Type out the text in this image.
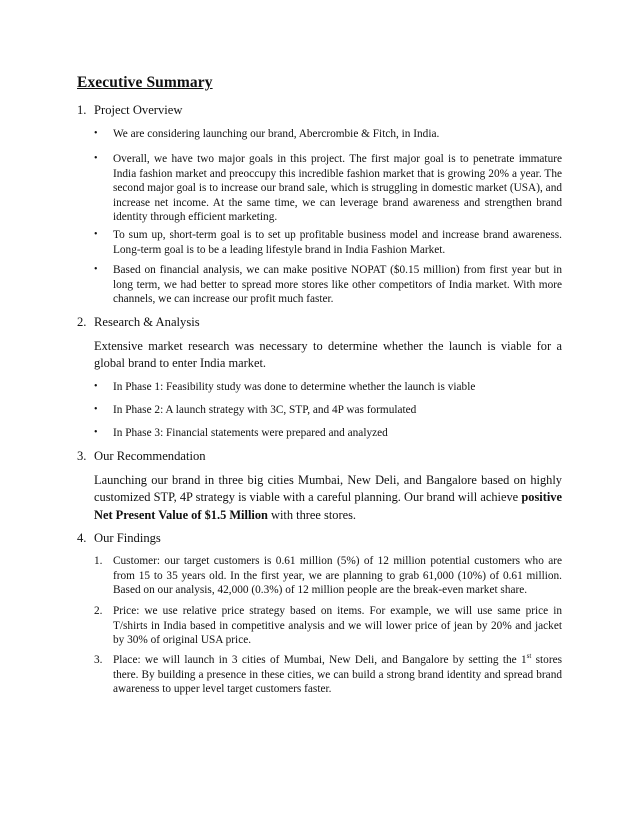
Executive Summary
1. Project Overview
• We are considering launching our brand, Abercrombie & Fitch, in India.
• Overall, we have two major goals in this project. The first major goal is to penetrate immature India fashion market and preoccupy this incredible fashion market that is growing 20% a year. The second major goal is to increase our brand sale, which is struggling in domestic market (USA), and increase net income. At the same time, we can leverage brand awareness and strengthen brand identity through efficient marketing.
• To sum up, short-term goal is to set up profitable business model and increase brand awareness. Long-term goal is to be a leading lifestyle brand in India Fashion Market.
• Based on financial analysis, we can make positive NOPAT ($0.15 million) from first year but in long term, we had better to spread more stores like other competitors of India market. With more channels, we can increase our profit much faster.
2. Research & Analysis
Extensive market research was necessary to determine whether the launch is viable for a global brand to enter India market.
• In Phase 1: Feasibility study was done to determine whether the launch is viable
• In Phase 2: A launch strategy with 3C, STP, and 4P was formulated
• In Phase 3: Financial statements were prepared and analyzed
3. Our Recommendation
Launching our brand in three big cities Mumbai, New Deli, and Bangalore based on highly customized STP, 4P strategy is viable with a careful planning. Our brand will achieve positive Net Present Value of $1.5 Million with three stores.
4. Our Findings
1. Customer: our target customers is 0.61 million (5%) of 12 million potential customers who are from 15 to 35 years old. In the first year, we are planning to grab 61,000 (10%) of 0.61 million. Based on our analysis, 42,000 (0.3%) of 12 million people are the break-even market share.
2. Price: we use relative price strategy based on items. For example, we will use same price in T/shirts in India based in competitive analysis and we will lower price of jean by 20% and jacket by 30% of original USA price.
3. Place: we will launch in 3 cities of Mumbai, New Deli, and Bangalore by setting the 1st stores there. By building a presence in these cities, we can build a strong brand identity and spread brand awareness to upper level target customers faster.
